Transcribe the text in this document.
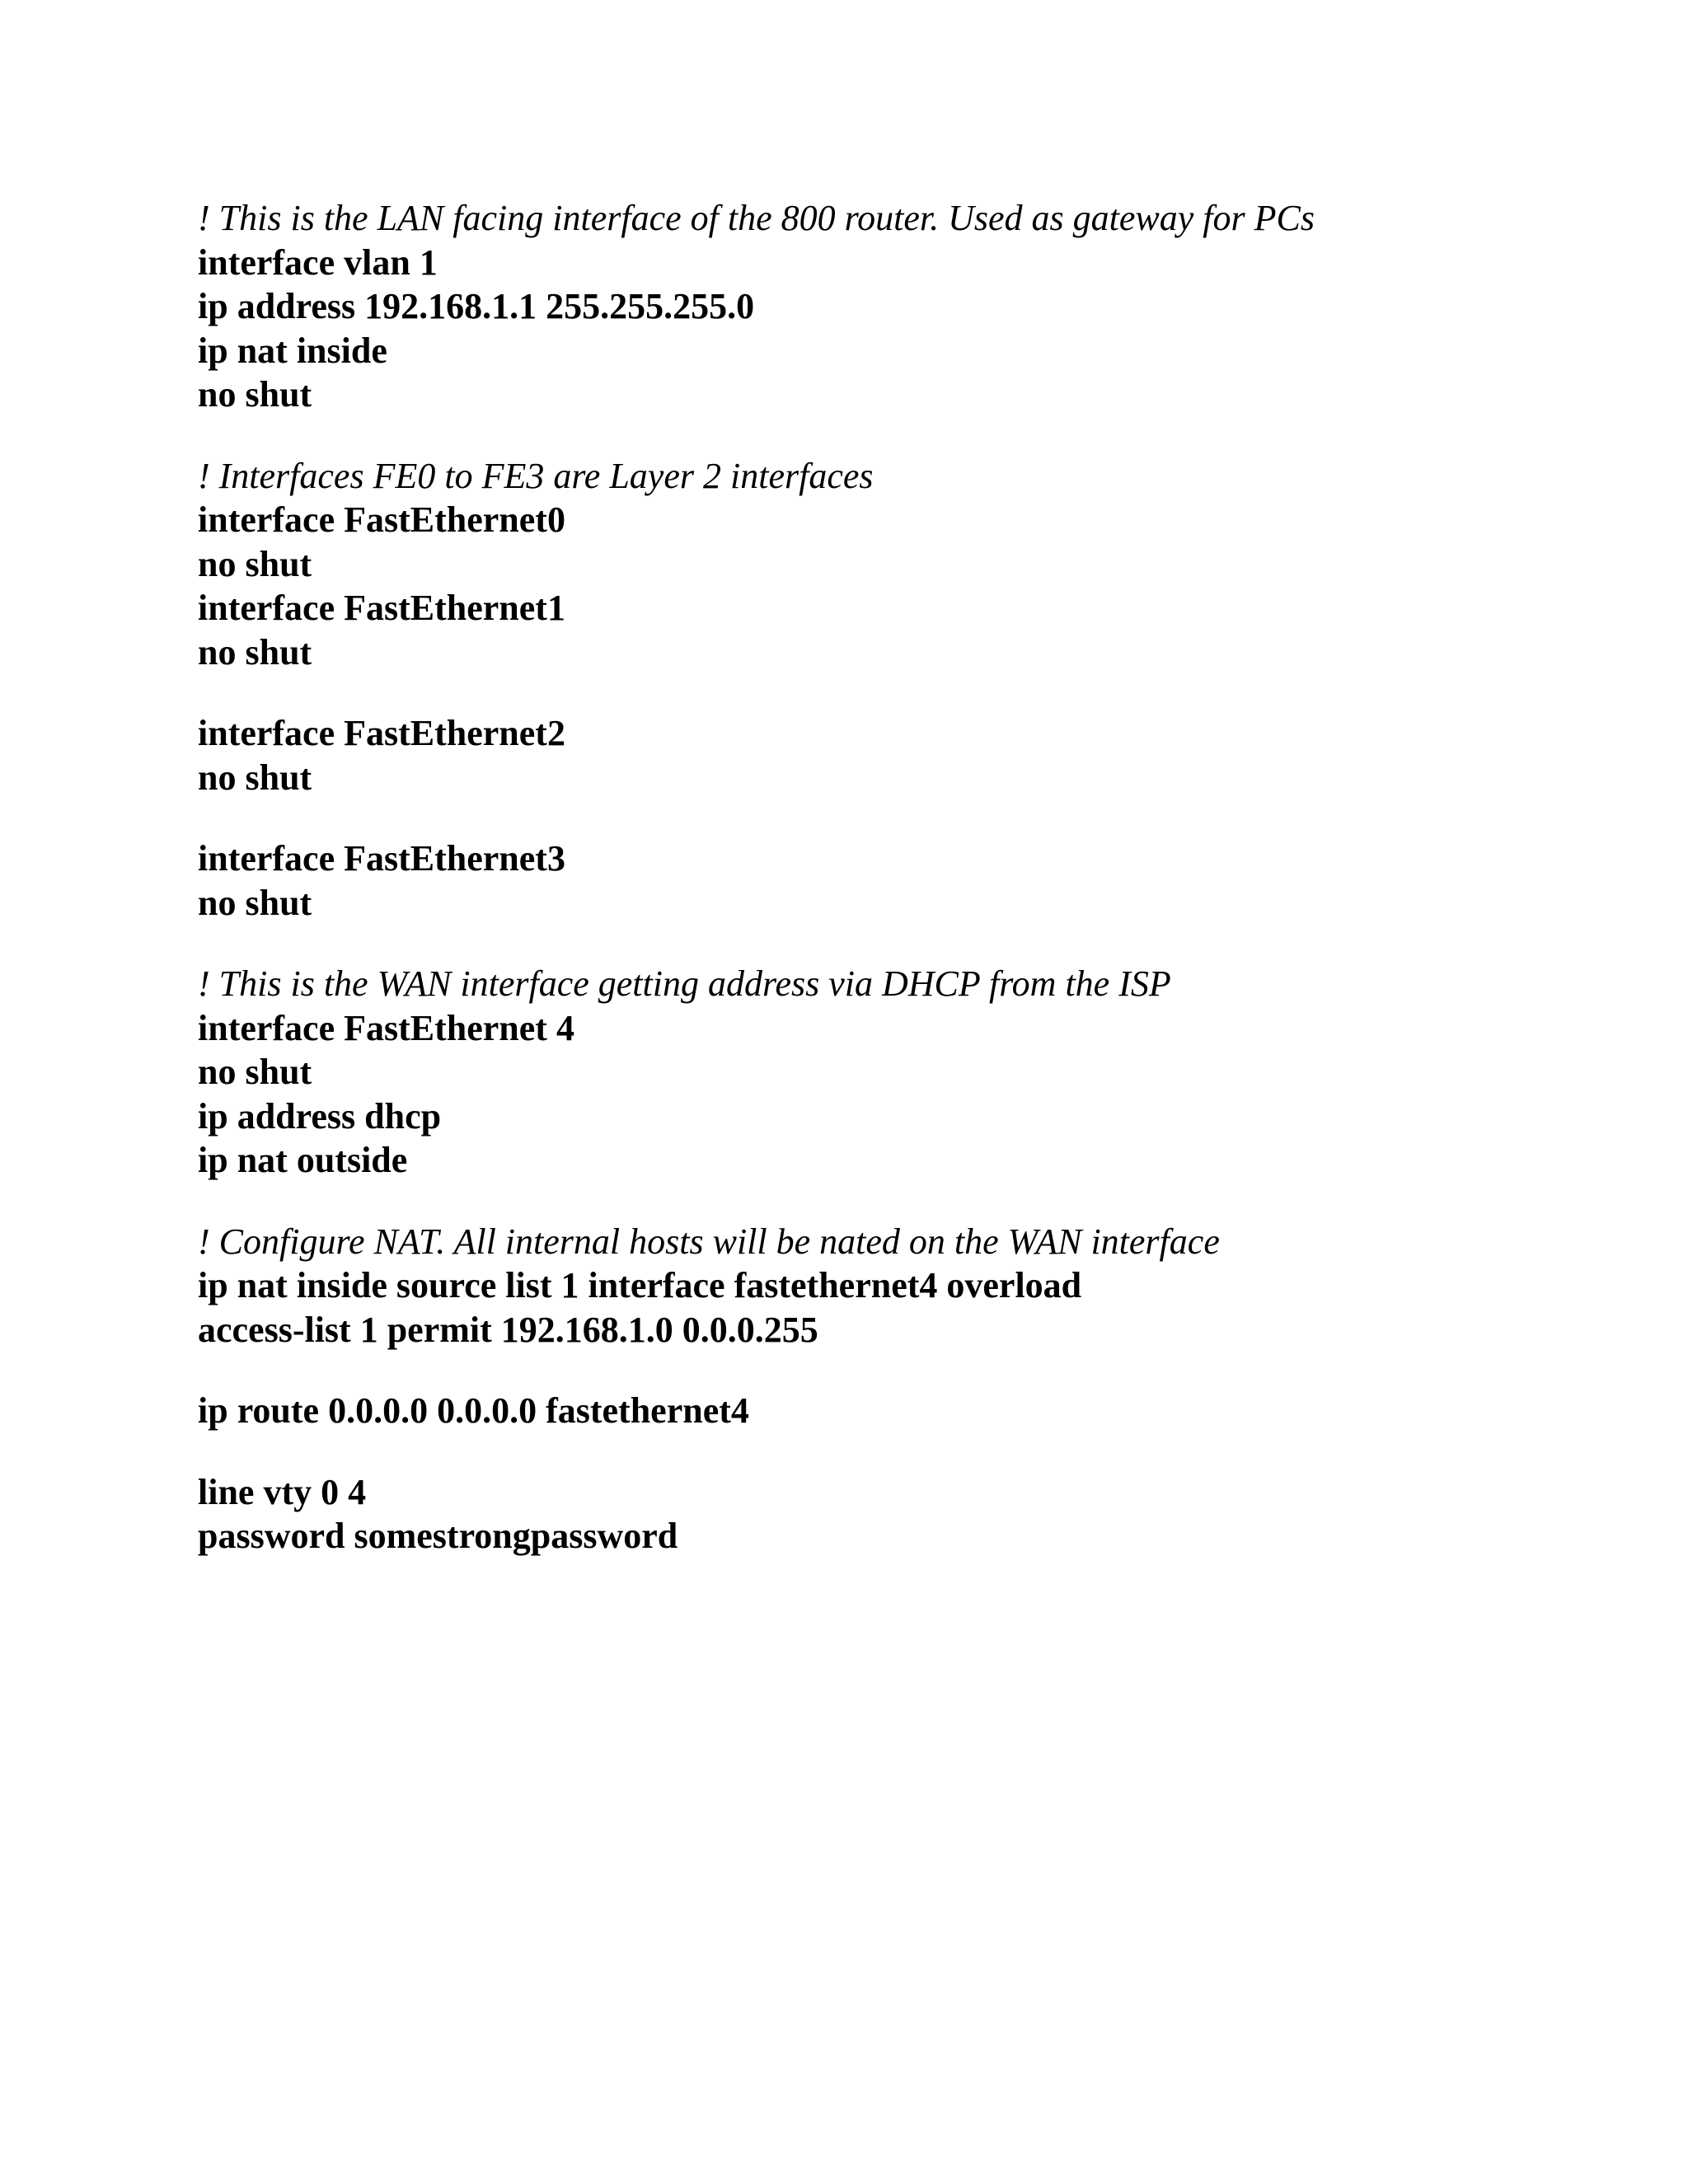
! This is the LAN facing interface of the 800 router. Used as gateway for PCs
interface vlan 1
ip address 192.168.1.1 255.255.255.0
ip nat inside
no shut
! Interfaces FE0 to FE3 are Layer 2 interfaces
interface FastEthernet0
no shut
interface FastEthernet1
no shut
interface FastEthernet2
no shut
interface FastEthernet3
no shut
! This is the WAN interface getting address via DHCP from the ISP
interface FastEthernet 4
no shut
ip address dhcp
ip nat outside
! Configure NAT. All internal hosts will be nated on the WAN interface
ip nat inside source list 1 interface fastethernet4 overload
access-list 1 permit 192.168.1.0 0.0.0.255
ip route 0.0.0.0 0.0.0.0 fastethernet4
line vty 0 4
password somestrongpassword
